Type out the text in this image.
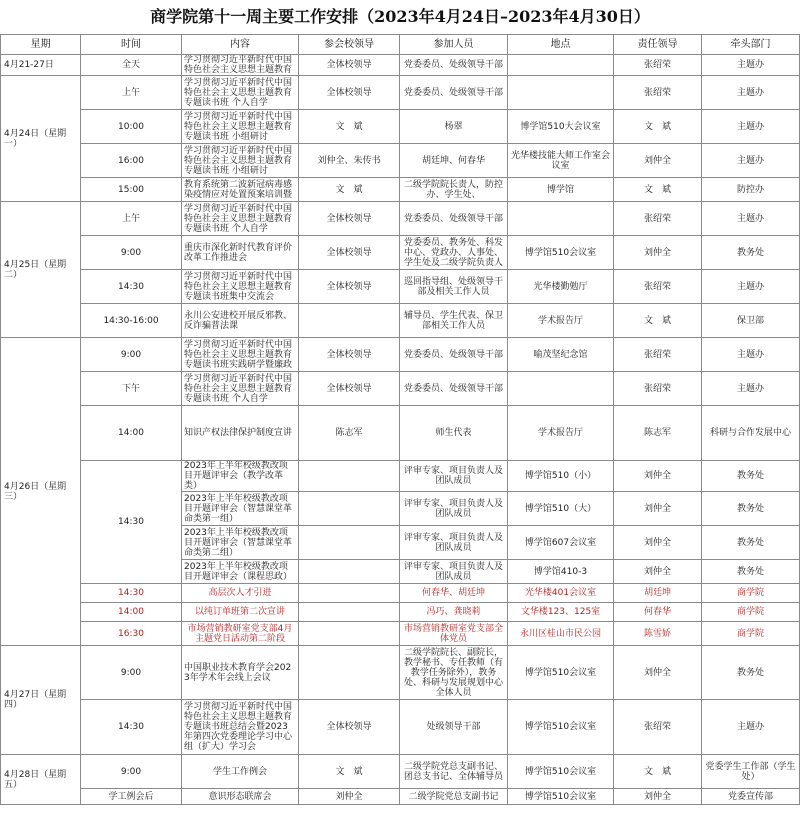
商学院第十一周主要工作安排（2023年4月24日–2023年4月30日）
星期	时间	内容	参会校领导	参加人员	地点	责任领导	牵头部门
4月21-27日	全天	学习贯彻习近平新时代中国特色社会主义思想主题教育	全体校领导	党委委员、处级领导干部		张绍荣	主题办
4月24日（星期一）	上午	学习贯彻习近平新时代中国特色社会主义思想主题教育专题读书班 个人自学	全体校领导	党委委员、处级领导干部		张绍荣	主题办
	10:00	学习贯彻习近平新时代中国特色社会主义思想主题教育专题读书班 小组研讨	文　斌	杨翠	博学馆510大会议室	文　斌	主题办
	16:00	学习贯彻习近平新时代中国特色社会主义思想主题教育专题读书班 小组研讨	刘仲全、朱传书	胡廷坤、何春华	光华楼技能大师工作室会议室	刘仲全	主题办
	15:00	教育系统第二波新冠病毒感染疫情应对处置预案培训暨	文　斌	二级学院院长责人，防控办、学生处、	博学馆	文　斌	防控办
4月25日（星期二）	上午	学习贯彻习近平新时代中国特色社会主义思想主题教育专题读书班 个人自学	全体校领导	党委委员、处级领导干部		张绍荣	主题办
	9:00	重庆市深化新时代教育评价改革工作推进会	全体校领导	党委委员、教务处、科发中心、党政办、人事处、学生处及二级学院负责人	博学馆510会议室	刘仲全	教务处
	14:30	学习贯彻习近平新时代中国特色社会主义思想主题教育专题读书班集中交流会	全体校领导	巡回指导组、处级领导干部及相关工作人员	光华楼勤勉厅	张绍荣	主题办
	14:30-16:00	永川公安进校开展反邪教、反诈骗普法课		辅导员、学生代表、保卫部相关工作人员	学术报告厅	文　斌	保卫部
4月26日（星期三）	9:00	学习贯彻习近平新时代中国特色社会主义思想主题教育专题读书班实践研学暨廉政	全体校领导	党委委员、处级领导干部	喻茂坚纪念馆	张绍荣	主题办
	下午	学习贯彻习近平新时代中国特色社会主义思想主题教育专题读书班 个人自学	全体校领导	党委委员、处级领导干部		张绍荣	主题办
	14:00	知识产权法律保护制度宣讲	陈志军	师生代表	学术报告厅	陈志军	科研与合作发展中心
	14:30	2023年上半年校级教改项目开题评审会（教学改革类）		评审专家、项目负责人及团队成员	博学馆510（小）	刘仲全	教务处
		2023年上半年校级教改项目开题评审会（智慧课堂革命类第一组）		评审专家、项目负责人及团队成员	博学馆510（大）	刘仲全	教务处
		2023年上半年校级教改项目开题评审会（智慧课堂革命类第二组）		评审专家、项目负责人及团队成员	博学馆607会议室	刘仲全	教务处
		2023年上半年校级教改项目开题评审会（课程思政）		评审专家、项目负责人及团队成员	博学馆410-3	刘仲全	教务处
	14:30	高层次人才引进		何春华、胡廷坤	光华楼401会议室	胡廷坤	商学院
	14:00	以纯订单班第二次宣讲		冯巧、龚晓莉	文华楼123、125室	何春华	商学院
	16:30	市场营销教研室党支部4月主题党日活动第二阶段		市场营销教研室党支部全体党员	永川区桂山市民公园	陈雪娇	商学院
4月27日（星期四）	9:00	中国职业技术教育学会2023年学术年会线上会议		二级学院院长、副院长，教学秘书、专任教师（有教学任务除外），教务处、科研与发展规划中心全体人员	博学馆510会议室	刘仲全	教务处
	14:30	学习贯彻习近平新时代中国特色社会主义思想主题教育专题读书班总结会暨2023年第四次党委理论学习中心组（扩大）学习会	全体校领导	处级领导干部	博学馆510会议室	张绍荣	主题办
4月28日（星期五）	9:00	学生工作例会	文　斌	二级学院党总支副书记、团总支书记、全体辅导员	博学馆510会议室	文　斌	党委学生工作部（学生处）
	学工例会后	意识形态联席会	刘仲全	二级学院党总支副书记	博学馆510会议室	刘仲全	党委宣传部
